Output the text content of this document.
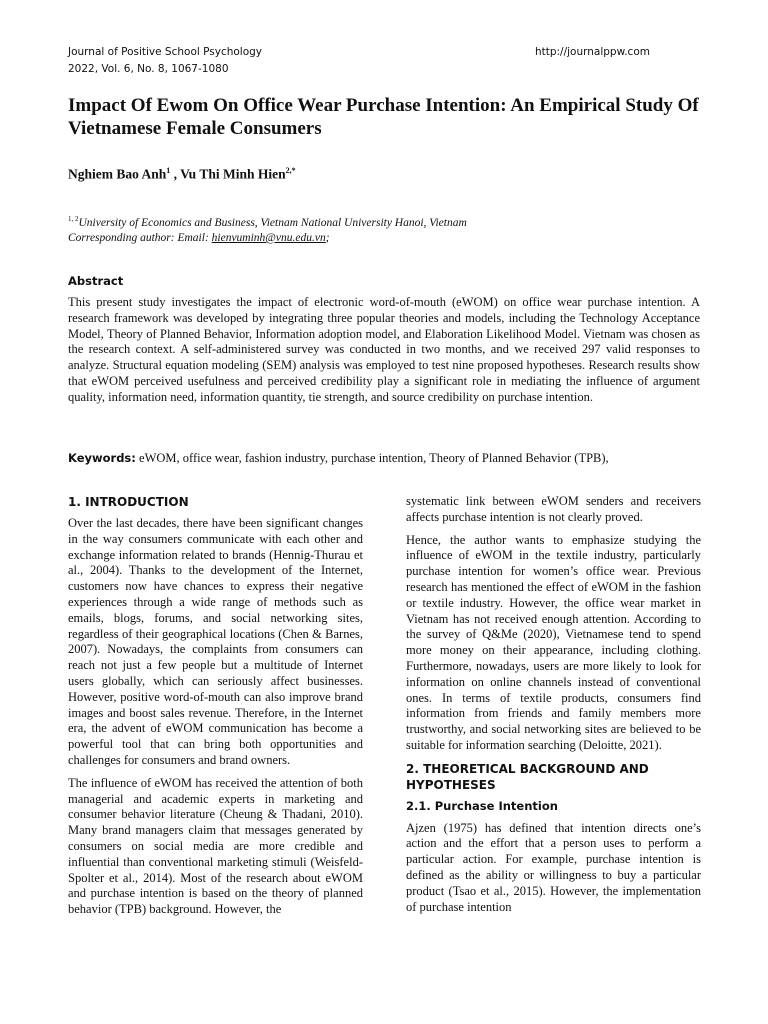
Journal of Positive School Psychology
2022, Vol. 6, No. 8, 1067-1080
http://journalppw.com
Impact Of Ewom On Office Wear Purchase Intention: An Empirical Study Of Vietnamese Female Consumers
Nghiem Bao Anh$^1$ , Vu Thi Minh Hien$^{2,*}$
$^{1, 2}$University of Economics and Business, Vietnam National University Hanoi, Vietnam
Corresponding author: Email: hienvuminh@vnu.edu.vn;
Abstract
This present study investigates the impact of electronic word-of-mouth (eWOM) on office wear purchase intention. A research framework was developed by integrating three popular theories and models, including the Technology Acceptance Model, Theory of Planned Behavior, Information adoption model, and Elaboration Likelihood Model. Vietnam was chosen as the research context. A self-administered survey was conducted in two months, and we received 297 valid responses to analyze. Structural equation modeling (SEM) analysis was employed to test nine proposed hypotheses. Research results show that eWOM perceived usefulness and perceived credibility play a significant role in mediating the influence of argument quality, information need, information quantity, tie strength, and source credibility on purchase intention.
Keywords: eWOM, office wear, fashion industry, purchase intention, Theory of Planned Behavior (TPB),
1. INTRODUCTION

Over the last decades, there have been significant changes in the way consumers communicate with each other and exchange information related to brands (Hennig-Thurau et al., 2004). Thanks to the development of the Internet, customers now have chances to express their negative experiences through a wide range of methods such as emails, blogs, forums, and social networking sites, regardless of their geographical locations (Chen & Barnes, 2007). Nowadays, the complaints from consumers can reach not just a few people but a multitude of Internet users globally, which can seriously affect businesses. However, positive word-of-mouth can also improve brand images and boost sales revenue. Therefore, in the Internet era, the advent of eWOM communication has become a powerful tool that can bring both opportunities and challenges for consumers and brand owners.

The influence of eWOM has received the attention of both managerial and academic experts in marketing and consumer behavior literature (Cheung & Thadani, 2010). Many brand managers claim that messages generated by consumers on social media are more credible and influential than conventional marketing stimuli (Weisfeld-Spolter et al., 2014). Most of the research about eWOM and purchase intention is based on the theory of planned behavior (TPB) background. However, the

systematic link between eWOM senders and receivers affects purchase intention is not clearly proved.

Hence, the author wants to emphasize studying the influence of eWOM in the textile industry, particularly purchase intention for women’s office wear. Previous research has mentioned the effect of eWOM in the fashion or textile industry. However, the office wear market in Vietnam has not received enough attention. According to the survey of Q&Me (2020), Vietnamese tend to spend more money on their appearance, including clothing. Furthermore, nowadays, users are more likely to look for information on online channels instead of conventional ones. In terms of textile products, consumers find information from friends and family members more trustworthy, and social networking sites are believed to be suitable for information searching (Deloitte, 2021).

2. THEORETICAL BACKGROUND AND HYPOTHESES
2.1. Purchase Intention

Ajzen (1975) has defined that intention directs one’s action and the effort that a person uses to perform a particular action. For example, purchase intention is defined as the ability or willingness to buy a particular product (Tsao et al., 2015). However, the implementation of purchase intention
